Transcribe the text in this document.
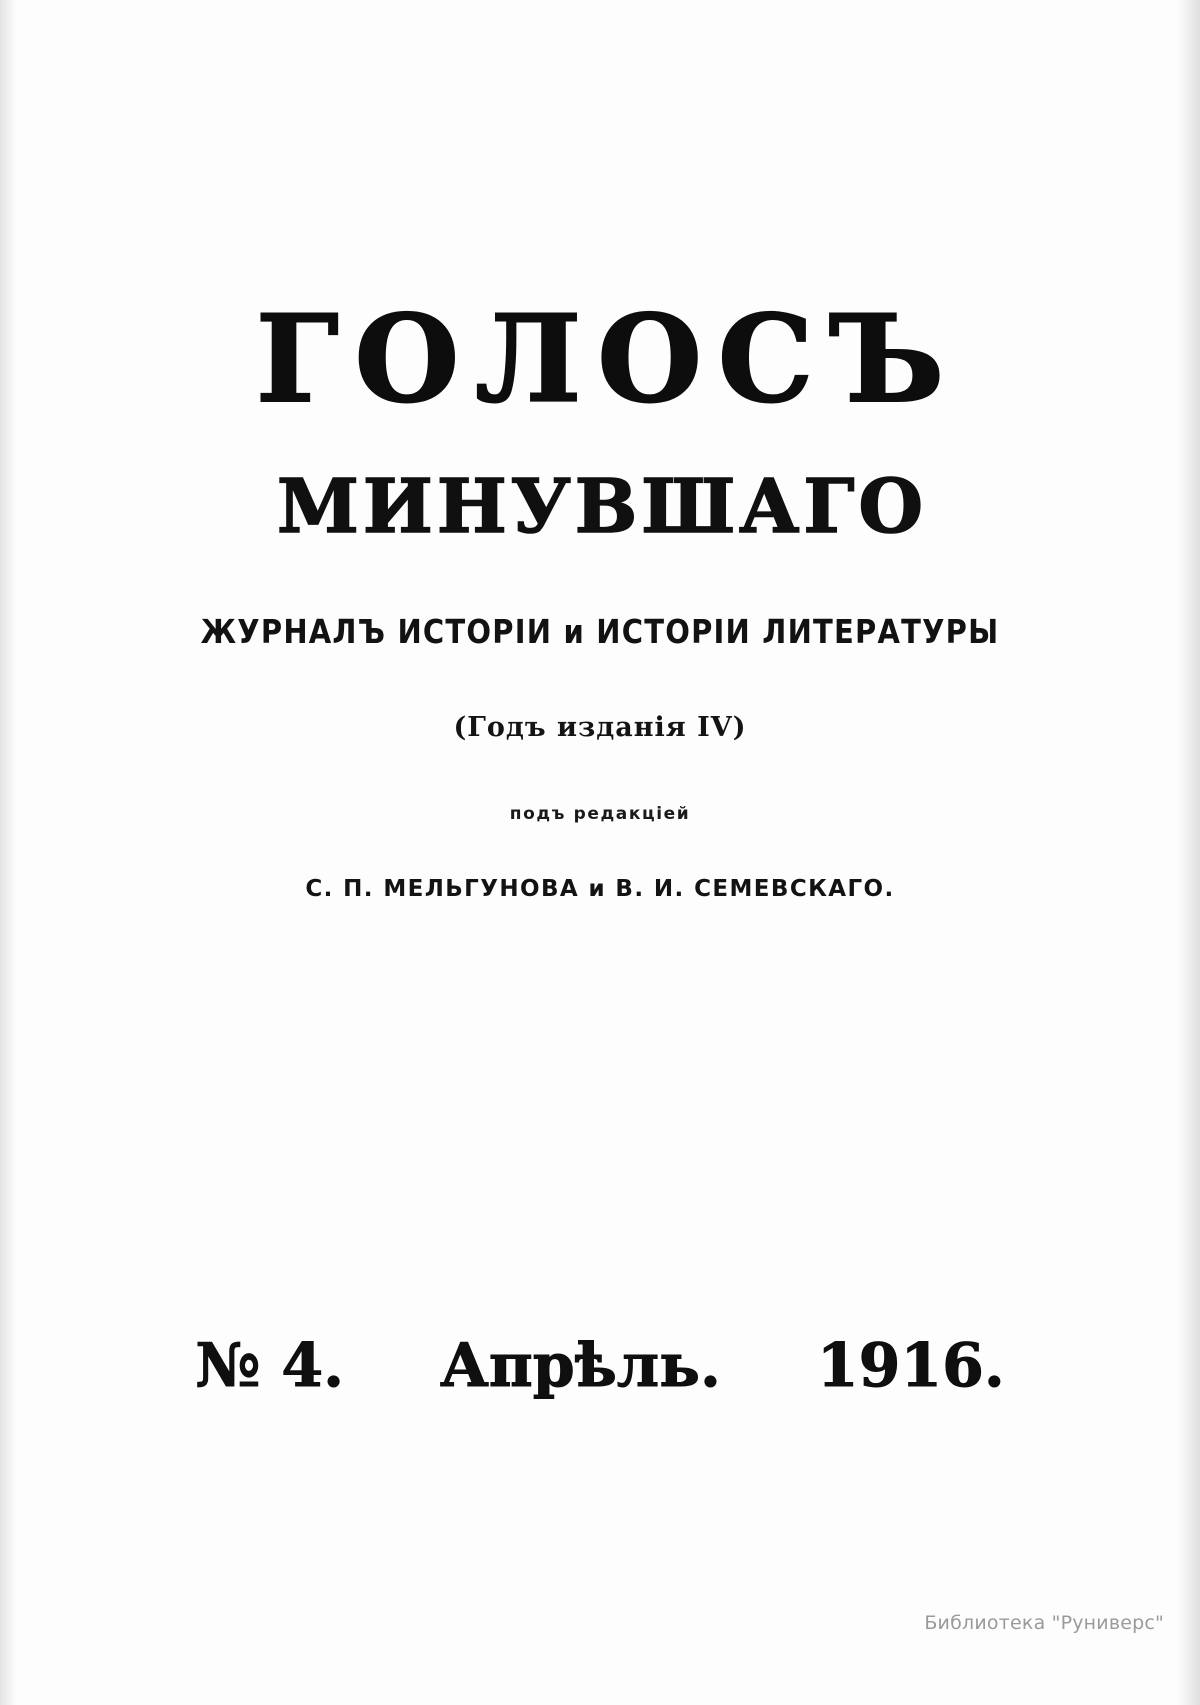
ГОЛОСЪ
МИНУВШАГО
ЖУРНАЛЪ ИСТОРІИ и ИСТОРІИ ЛИТЕРАТУРЫ
(Годъ изданія IV)
подъ редакціей
С. П. МЕЛЬГУНОВА и В. И. СЕМЕВСКАГО.
№ 4. Апрѣль. 1916.
Библиотека "Руниверс"
